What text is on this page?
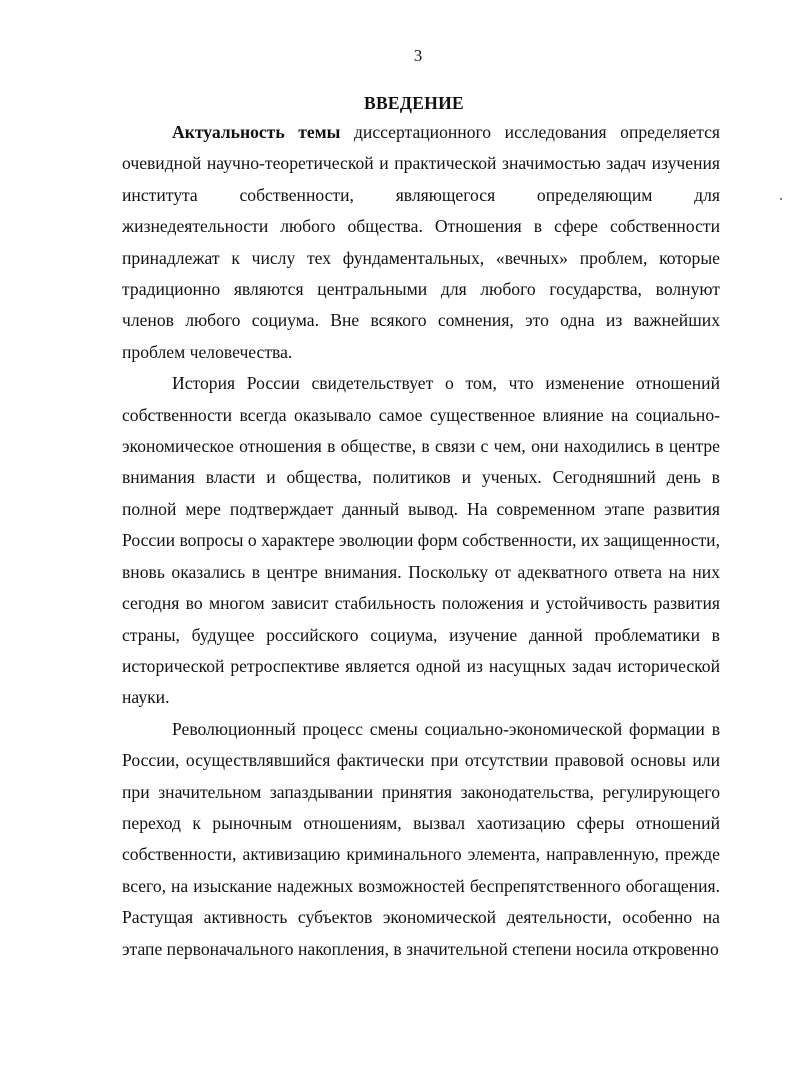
3
ВВЕДЕНИЕ

Актуальность темы диссертационного исследования определяется очевидной научно-теоретической и практической значимостью задач изучения института собственности, являющегося определяющим для жизнедеятельности любого общества. Отношения в сфере собственности принадлежат к числу тех фундаментальных, «вечных» проблем, которые традиционно являются центральными для любого государства, волнуют членов любого социума. Вне всякого сомнения, это одна из важнейших проблем человечества.

История России свидетельствует о том, что изменение отношений собственности всегда оказывало самое существенное влияние на социально-экономическое отношения в обществе, в связи с чем, они находились в центре внимания власти и общества, политиков и ученых. Сегодняшний день в полной мере подтверждает данный вывод. На современном этапе развития России вопросы о характере эволюции форм собственности, их защищенности, вновь оказались в центре внимания. Поскольку от адекватного ответа на них сегодня во многом зависит стабильность положения и устойчивость развития страны, будущее российского социума, изучение данной проблематики в исторической ретроспективе является одной из насущных задач исторической науки.

Революционный процесс смены социально-экономической формации в России, осуществлявшийся фактически при отсутствии правовой основы или при значительном запаздывании принятия законодательства, регулирующего переход к рыночным отношениям, вызвал хаотизацию сферы отношений собственности, активизацию криминального элемента, направленную, прежде всего, на изыскание надежных возможностей беспрепятственного обогащения. Растущая активность субъектов экономической деятельности, особенно на этапе первоначального накопления, в значительной степени носила откровенно
